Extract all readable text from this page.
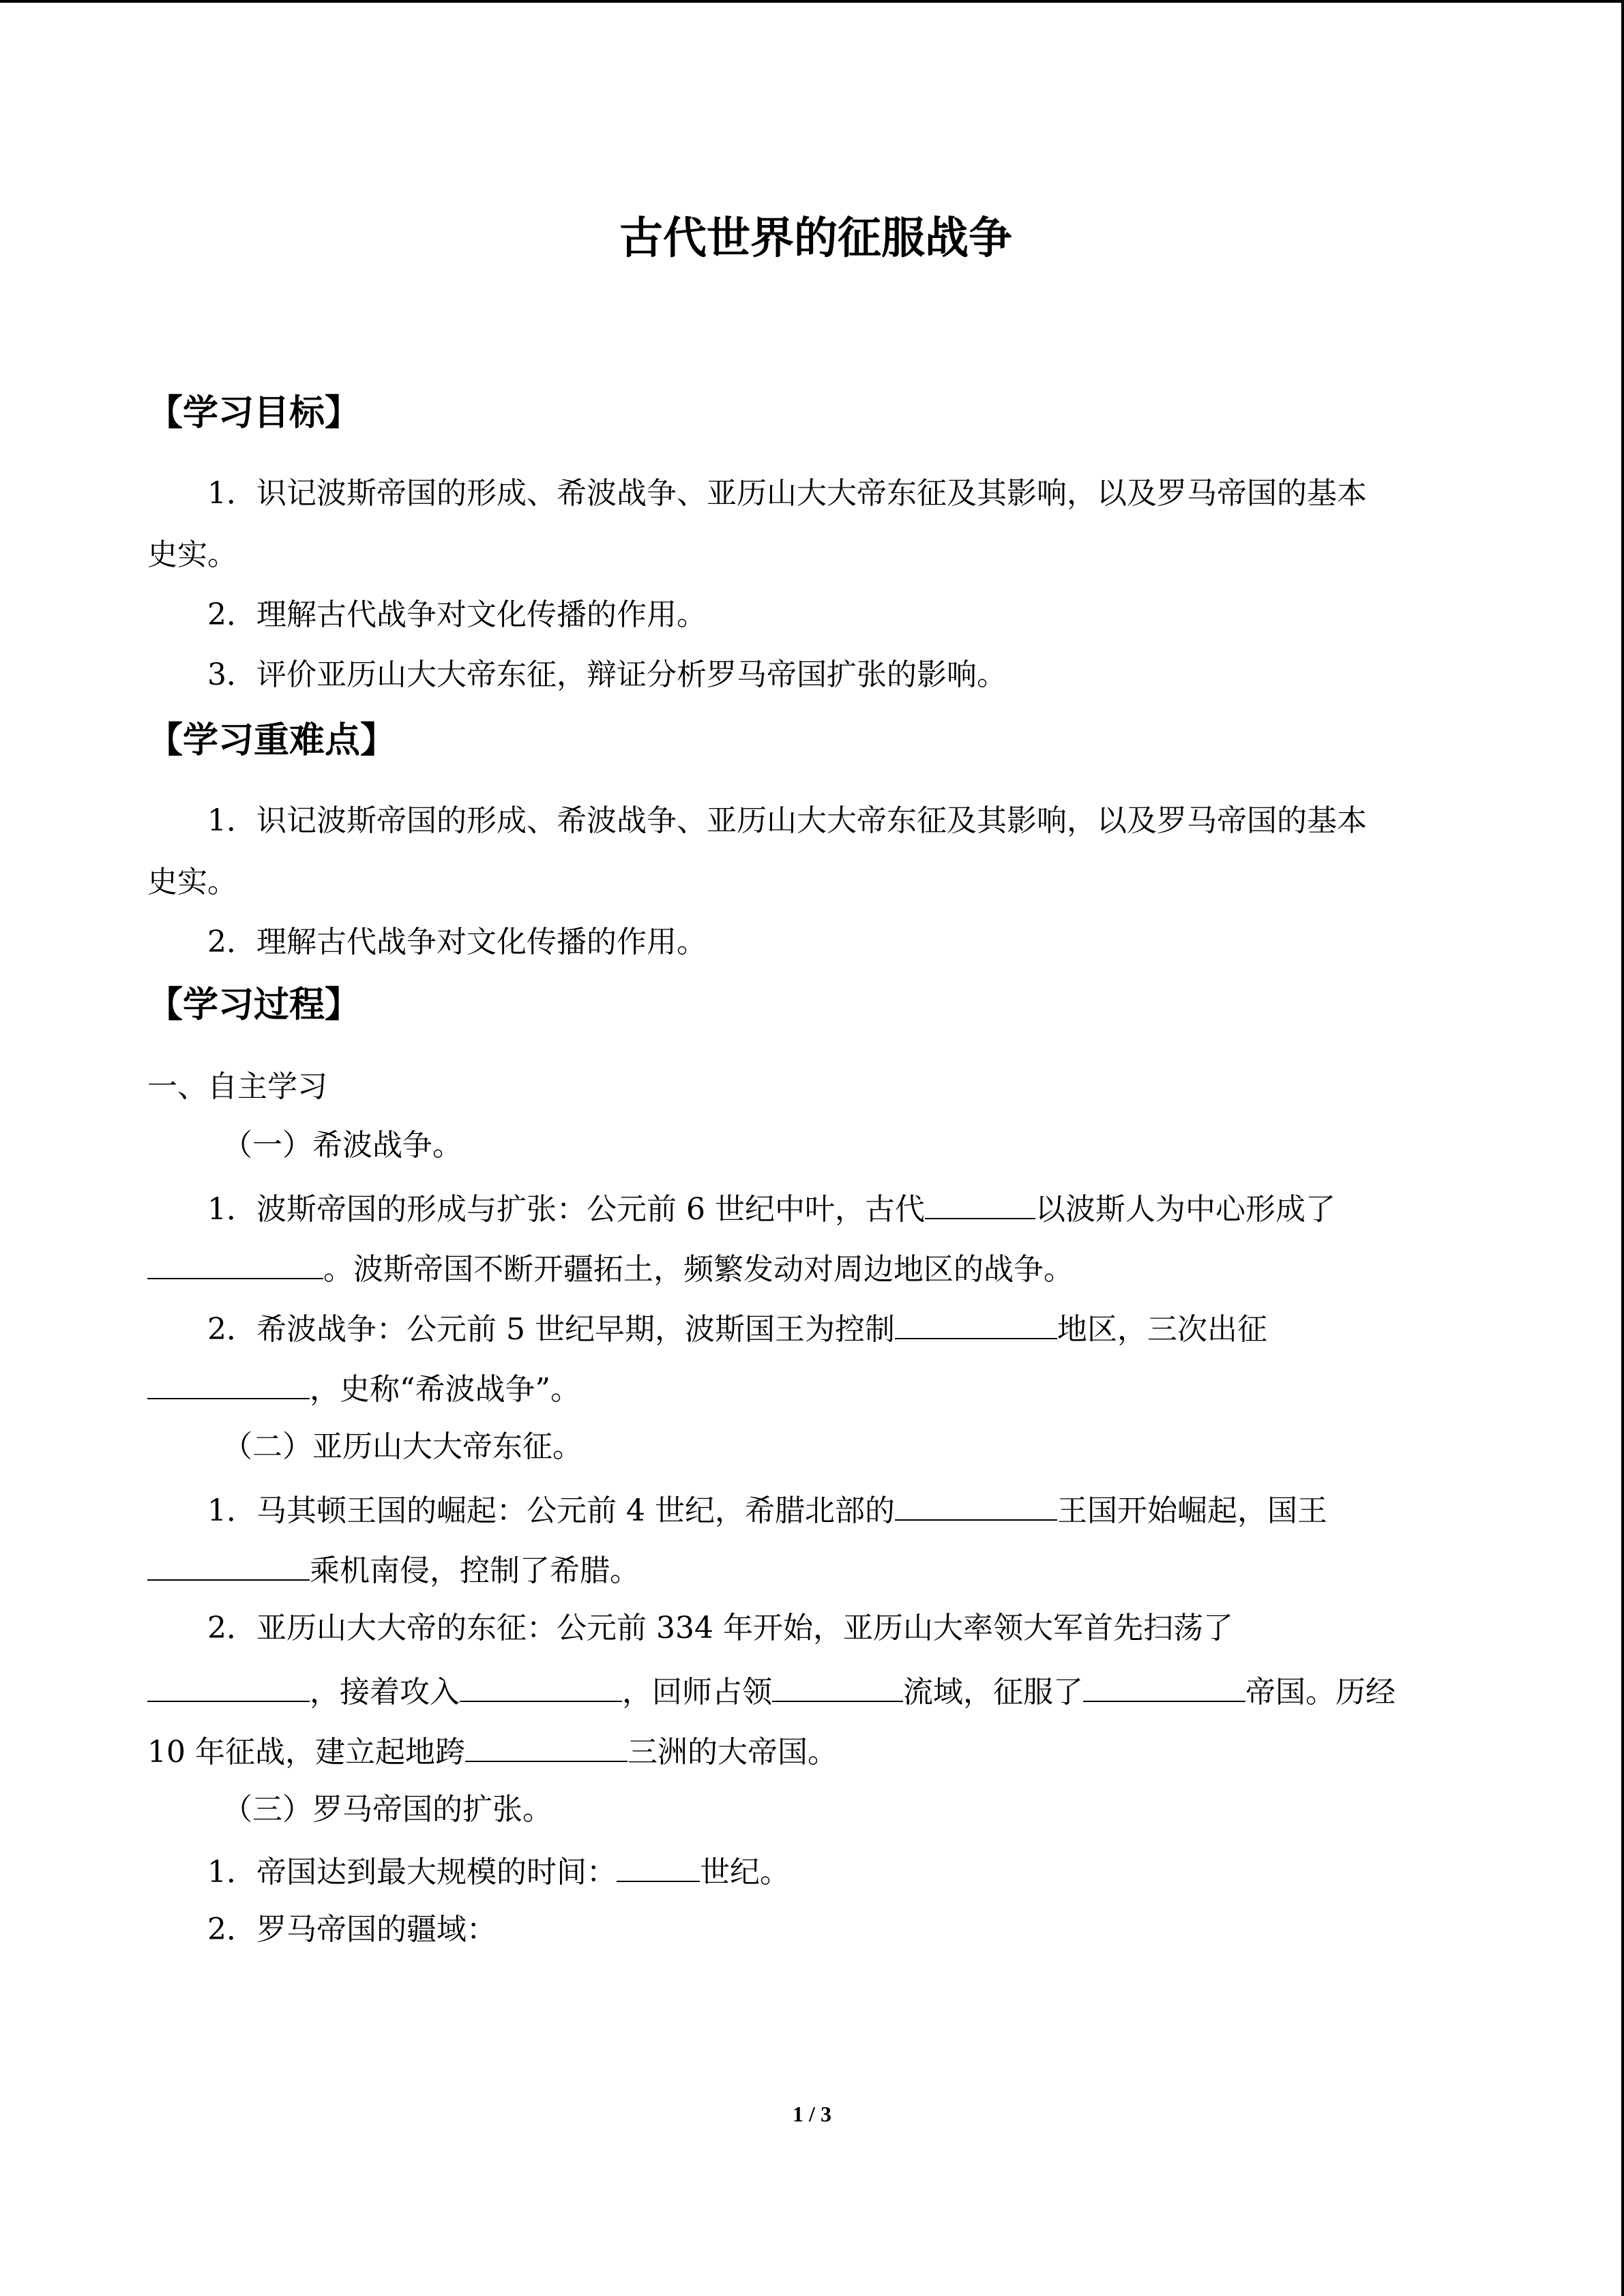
古代世界的征服战争
【学习目标】
1．识记波斯帝国的形成、希波战争、亚历山大大帝东征及其影响，以及罗马帝国的基本
史实。
2．理解古代战争对文化传播的作用。
3．评价亚历山大大帝东征，辩证分析罗马帝国扩张的影响。
【学习重难点】
1．识记波斯帝国的形成、希波战争、亚历山大大帝东征及其影响，以及罗马帝国的基本
史实。
2．理解古代战争对文化传播的作用。
【学习过程】
一、自主学习
（一）希波战争。
1．波斯帝国的形成与扩张：公元前 6 世纪中叶，古代	以波斯人为中心形成了
。波斯帝国不断开疆拓土，频繁发动对周边地区的战争。
2．希波战争：公元前 5 世纪早期，波斯国王为控制	地区，三次出征
，史称“希波战争”。
（二）亚历山大大帝东征。
1．马其顿王国的崛起：公元前 4 世纪，希腊北部的	王国开始崛起，国王
乘机南侵，控制了希腊。
2．亚历山大大帝的东征：公元前 334 年开始，亚历山大率领大军首先扫荡了
，接着攻入	，回师占领	流域，征服了	帝国。历经
10 年征战，建立起地跨	三洲的大帝国。
（三）罗马帝国的扩张。
1．帝国达到最大规模的时间：	世纪。
2．罗马帝国的疆域：
1 / 3
